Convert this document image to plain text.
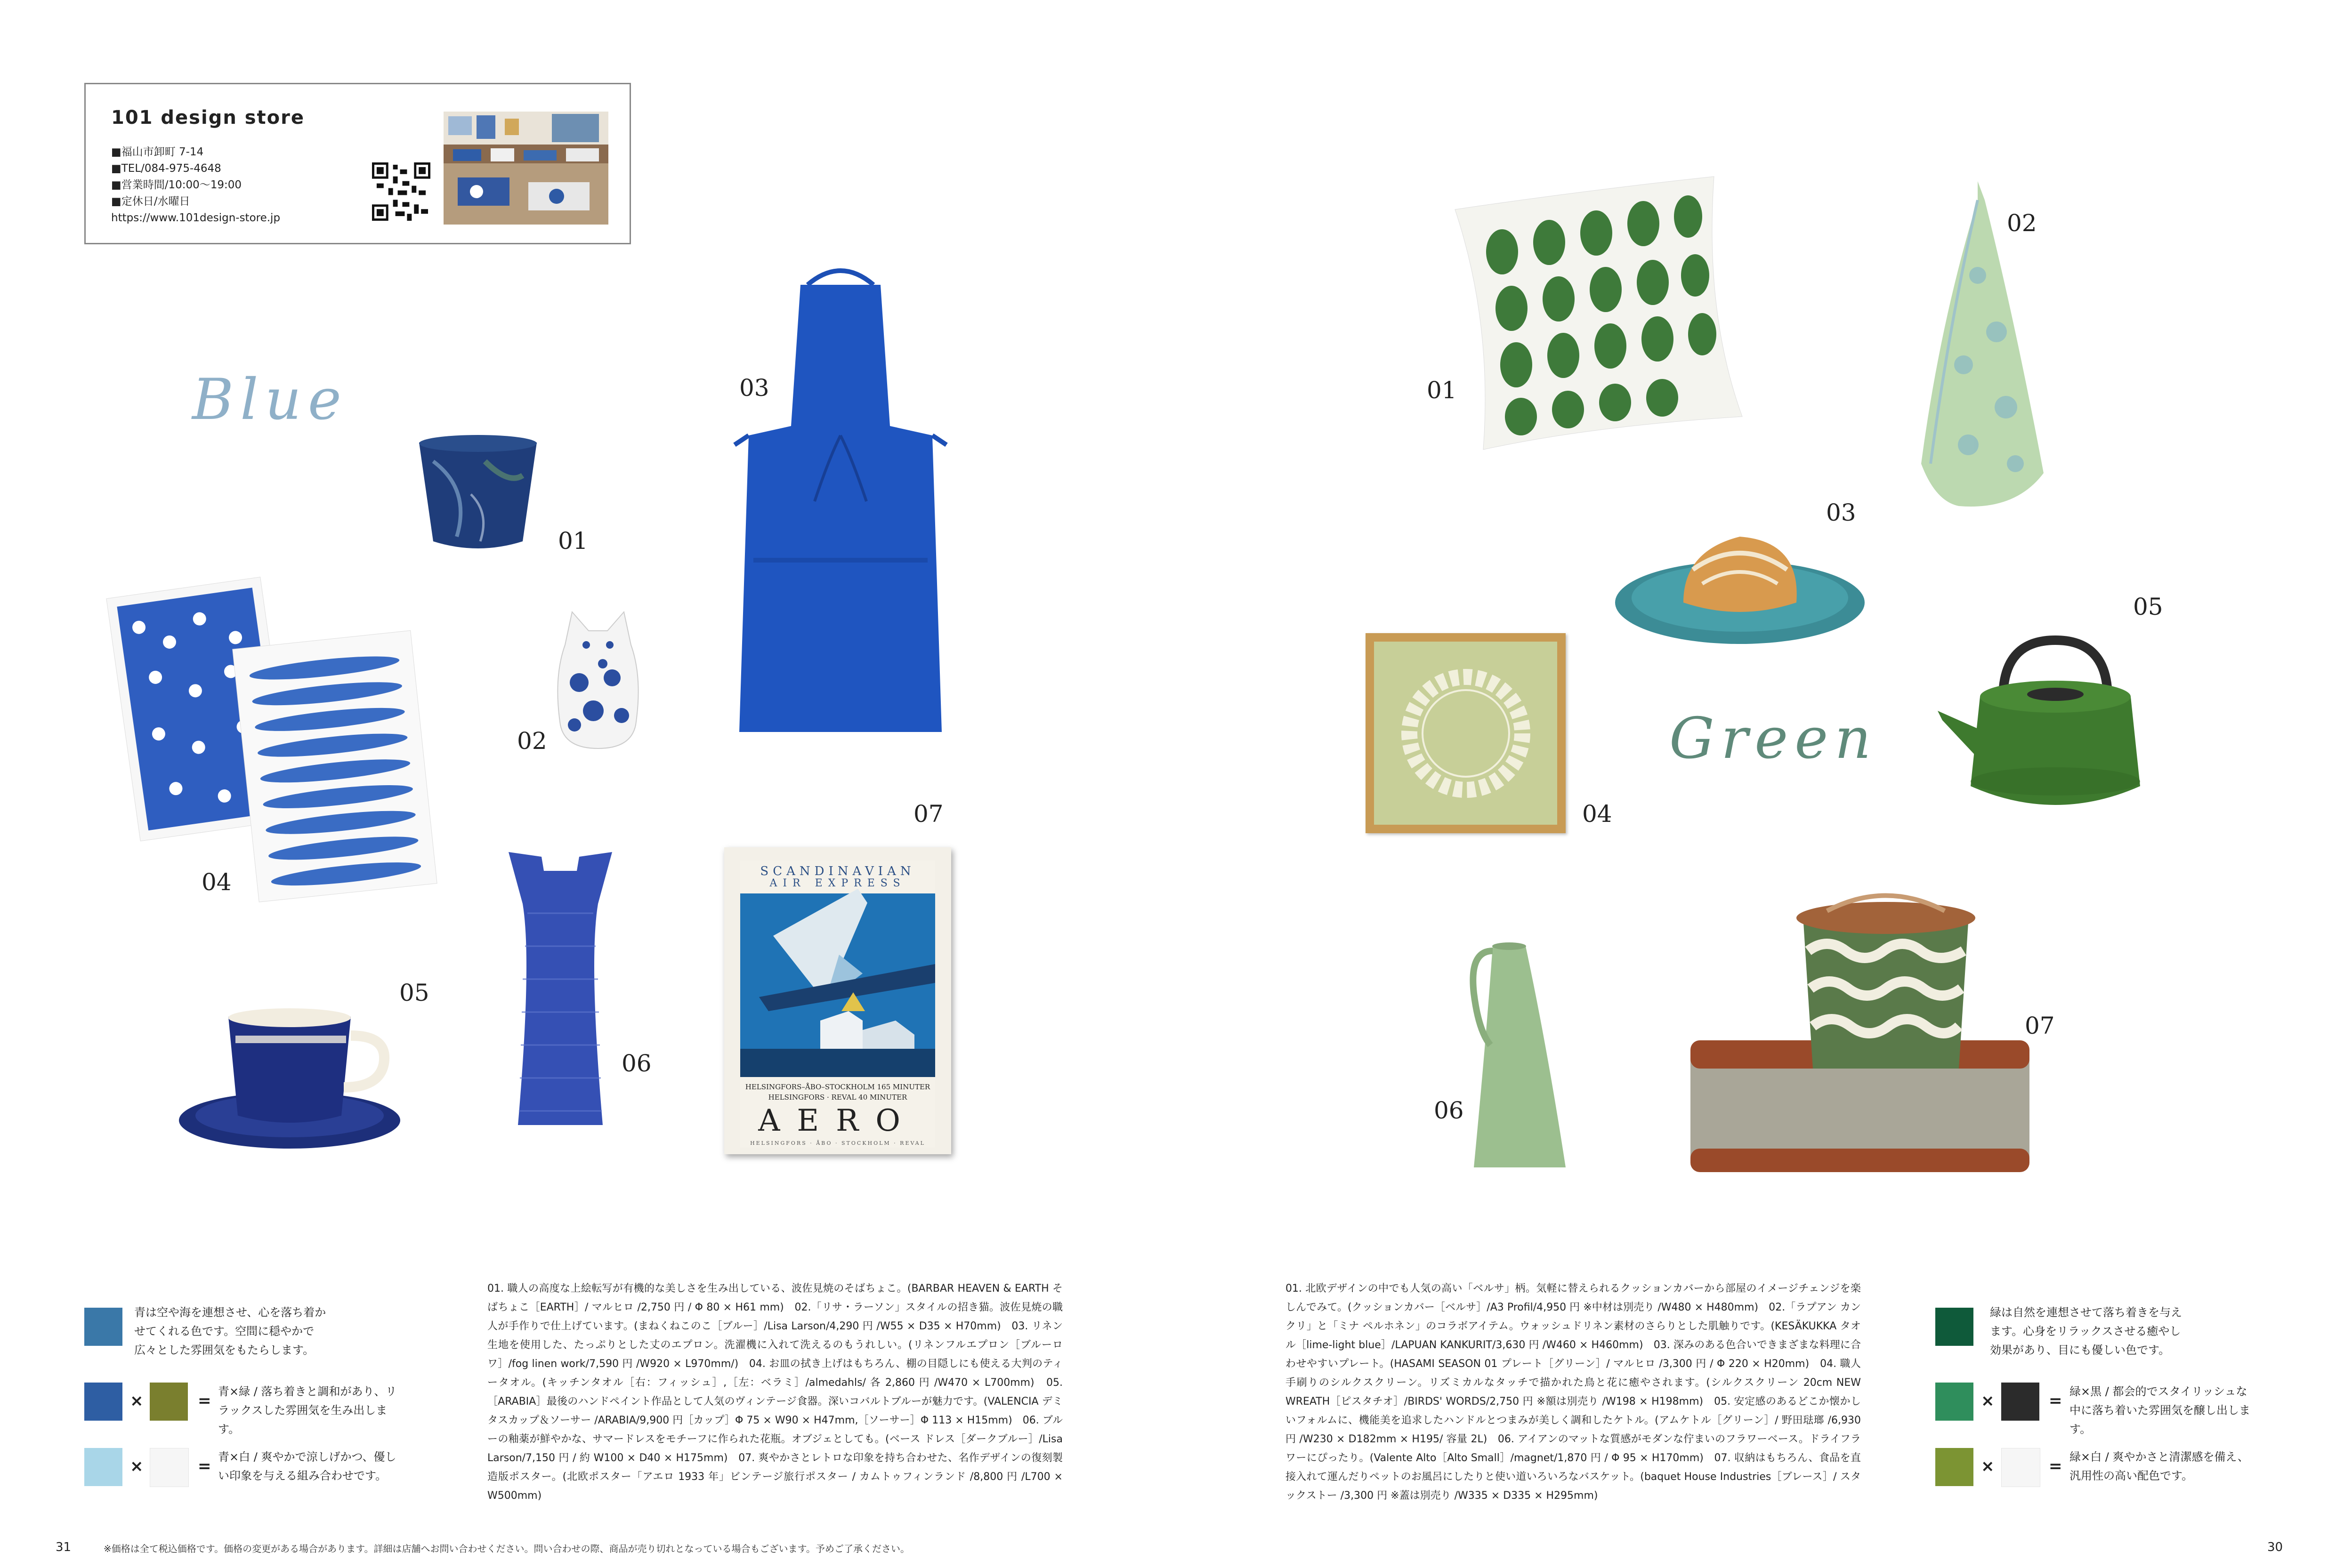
101 design store
■福山市卸町 7-14
■TEL/084-975-4648
■営業時間/10:00～19:00
■定休日/水曜日
https://www.101design-store.jp
Blue
01
02
03
04
05
06
07
SCANDINAVIAN
AIR EXPRESS
HELSINGFORS–ÅBO–STOCKHOLM 165 MINUTER
HELSINGFORS · REVAL 40 MINUTER
AERO
HELSINGFORS · ÅBO · STOCKHOLM · REVAL
青は空や海を連想させ、心を落ち着かせてくれる色です。空間に穏やかで広々とした雰囲気をもたらします。
×	= 青×緑 / 落ち着きと調和があり、リラックスした雰囲気を生み出します。
×	= 青×白 / 爽やかで涼しげかつ、優しい印象を与える組み合わせです。
01. 職人の高度な上絵転写が有機的な美しさを生み出している、波佐見焼のそばちょこ。(BARBAR HEAVEN & EARTH そばちょこ［EARTH］/ マルヒロ /2,750 円 / Φ 80 × H61 mm)　02.「リサ・ラーソン」スタイルの招き猫。波佐見焼の職人が手作りで仕上げています。(まねくねこのこ［ブルー］/Lisa Larson/4,290 円 /W55 × D35 × H70mm)　03. リネン生地を使用した、たっぷりとした丈のエプロン。洗濯機に入れて洗えるのもうれしい。(リネンフルエプロン［ブルーロワ］/fog linen work/7,590 円 /W920 × L970mm/)　04. お皿の拭き上げはもちろん、棚の目隠しにも使える大判のティータオル。(キッチンタオル［右：フィッシュ］,［左：ベラミ］/almedahls/ 各 2,860 円 /W470 × L700mm)　05.［ARABIA］最後のハンドペイント作品として人気のヴィンテージ食器。深いコバルトブルーが魅力です。(VALENCIA デミタスカップ＆ソーサー /ARABIA/9,900 円［カップ］Φ 75 × W90 × H47mm,［ソーサー］Φ 113 × H15mm)　06. ブルーの釉薬が鮮やかな、サマードレスをモチーフに作られた花瓶。オブジェとしても。(ベース ドレス［ダークブルー］/Lisa Larson/7,150 円 / 約 W100 × D40 × H175mm)　07. 爽やかさとレトロな印象を持ち合わせた、名作デザインの復刻製造版ポスター。(北欧ポスター「アエロ 1933 年」ビンテージ旅行ポスター / カムトゥフィンランド /8,800 円 /L700 × W500mm)
Green
01
02
03
04
05
06
07
01. 北欧デザインの中でも人気の高い「ベルサ」柄。気軽に替えられるクッションカバーから部屋のイメージチェンジを楽しんでみて。(クッションカバー［ベルサ］/A3 Profil/4,950 円 ※中材は別売り /W480 × H480mm)　02.「ラプアン カンクリ」と「ミナ ペルホネン」のコラボアイテム。ウォッシュドリネン素材のさらりとした肌触りです。(KESÄKUKKA タオル［lime-light blue］/LAPUAN KANKURIT/3,630 円 /W460 × H460mm)　03. 深みのある色合いできまざまな料理に合わせやすいプレート。(HASAMI SEASON 01 プレート［グリーン］/ マルヒロ /3,300 円 / Φ 220 × H20mm)　04. 職人手刷りのシルクスクリーン。リズミカルなタッチで描かれた鳥と花に癒やされます。(シルクスクリーン 20cm NEW WREATH［ピスタチオ］/BIRDS' WORDS/2,750 円 ※額は別売り /W198 × H198mm)　05. 安定感のあるどこか懐かしいフォルムに、機能美を追求したハンドルとつまみが美しく調和したケトル。(アムケトル［グリーン］/ 野田琺瑯 /6,930 円 /W230 × D182mm × H195/ 容量 2L)　06. アイアンのマットな質感がモダンな佇まいのフラワーベース。ドライフラワーにぴったり。(Valente Alto［Alto Small］/magnet/1,870 円 / Φ 95 × H170mm)　07. 収納はもちろん、食品を直接入れて運んだりペットのお風呂にしたりと使い道いろいろなバスケット。(baquet House Industries［ブレース］/ スタックストー /3,300 円 ※蓋は別売り /W335 × D335 × H295mm)
緑は自然を連想させて落ち着きを与えます。心身をリラックスさせる癒やし効果があり、目にも優しい色です。
×	= 緑×黒 / 都会的でスタイリッシュな中に落ち着いた雰囲気を醸し出します。
×	= 緑×白 / 爽やかさと清潔感を備え、汎用性の高い配色です。
31	※価格は全て税込価格です。価格の変更がある場合があります。詳細は店舗へお問い合わせください。問い合わせの際、商品が売り切れとなっている場合もございます。予めご了承ください。	30
